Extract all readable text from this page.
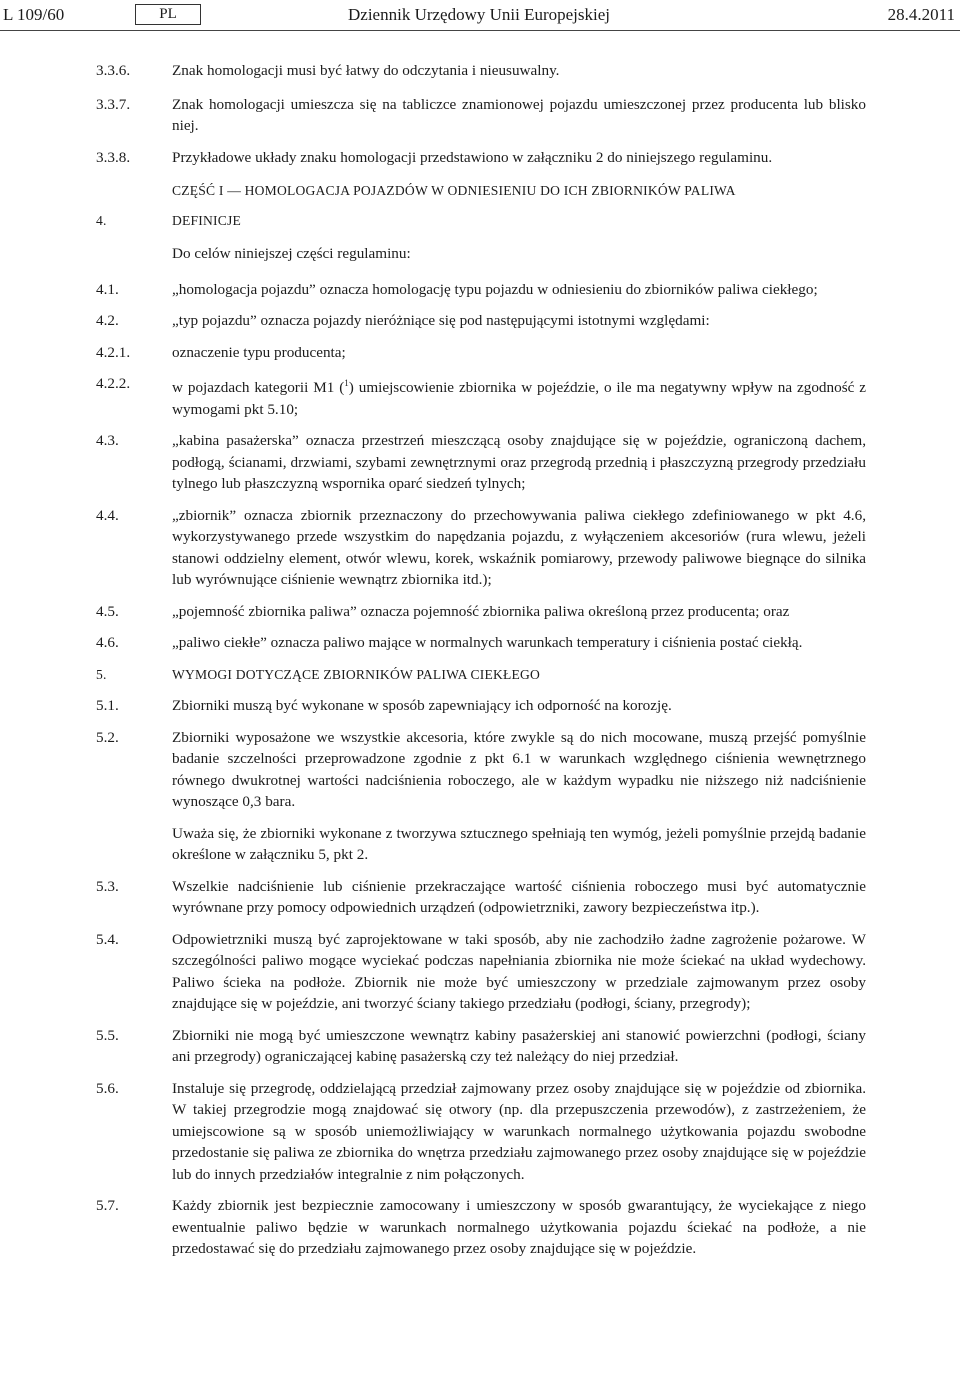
L 109/60	PL	Dziennik Urzędowy Unii Europejskiej	28.4.2011
3.3.6.	Znak homologacji musi być łatwy do odczytania i nieusuwalny.
3.3.7.	Znak homologacji umieszcza się na tabliczce znamionowej pojazdu umieszczonej przez producenta lub blisko niej.
3.3.8.	Przykładowe układy znaku homologacji przedstawiono w załączniku 2 do niniejszego regulaminu.
CZĘŚĆ I — HOMOLOGACJA POJAZDÓW W ODNIESIENIU DO ICH ZBIORNIKÓW PALIWA
4.	DEFINICJE
Do celów niniejszej części regulaminu:
4.1.	„homologacja pojazdu” oznacza homologację typu pojazdu w odniesieniu do zbiorników paliwa ciekłego;
4.2.	„typ pojazdu” oznacza pojazdy nieróżniące się pod następującymi istotnymi względami:
4.2.1.	oznaczenie typu producenta;
4.2.2.	w pojazdach kategorii M1 ($^1$) umiejscowienie zbiornika w pojeździe, o ile ma negatywny wpływ na zgodność z wymogami pkt 5.10;
4.3.	„kabina pasażerska” oznacza przestrzeń mieszczącą osoby znajdujące się w pojeździe, ograniczoną dachem, podłogą, ścianami, drzwiami, szybami zewnętrznymi oraz przegrodą przednią i płaszczyzną przegrody przedziału tylnego lub płaszczyzną wspornika oparć siedzeń tylnych;
4.4.	„zbiornik” oznacza zbiornik przeznaczony do przechowywania paliwa ciekłego zdefiniowanego w pkt 4.6, wykorzystywanego przede wszystkim do napędzania pojazdu, z wyłączeniem akcesoriów (rura wlewu, jeżeli stanowi oddzielny element, otwór wlewu, korek, wskaźnik pomiarowy, przewody paliwowe biegnące do silnika lub wyrównujące ciśnienie wewnątrz zbiornika itd.);
4.5.	„pojemność zbiornika paliwa” oznacza pojemność zbiornika paliwa określoną przez producenta; oraz
4.6.	„paliwo ciekłe” oznacza paliwo mające w normalnych warunkach temperatury i ciśnienia postać ciekłą.
5.	WYMOGI DOTYCZĄCE ZBIORNIKÓW PALIWA CIEKŁEGO
5.1.	Zbiorniki muszą być wykonane w sposób zapewniający ich odporność na korozję.
5.2.	Zbiorniki wyposażone we wszystkie akcesoria, które zwykle są do nich mocowane, muszą przejść pomyślnie badanie szczelności przeprowadzone zgodnie z pkt 6.1 w warunkach względnego ciśnienia wewnętrznego równego dwukrotnej wartości nadciśnienia roboczego, ale w każdym wypadku nie niższego niż nadciśnienie wynoszące 0,3 bara.
Uważa się, że zbiorniki wykonane z tworzywa sztucznego spełniają ten wymóg, jeżeli pomyślnie przejdą badanie określone w załączniku 5, pkt 2.
5.3.	Wszelkie nadciśnienie lub ciśnienie przekraczające wartość ciśnienia roboczego musi być automatycznie wyrównane przy pomocy odpowiednich urządzeń (odpowietrzniki, zawory bezpieczeństwa itp.).
5.4.	Odpowietrzniki muszą być zaprojektowane w taki sposób, aby nie zachodziło żadne zagrożenie pożarowe. W szczególności paliwo mogące wyciekać podczas napełniania zbiornika nie może ściekać na układ wydechowy. Paliwo ścieka na podłoże. Zbiornik nie może być umieszczony w przedziale zajmowanym przez osoby znajdujące się w pojeździe, ani tworzyć ściany takiego przedziału (podłogi, ściany, przegrody);
5.5.	Zbiorniki nie mogą być umieszczone wewnątrz kabiny pasażerskiej ani stanowić powierzchni (podłogi, ściany ani przegrody) ograniczającej kabinę pasażerską czy też należący do niej przedział.
5.6.	Instaluje się przegrodę, oddzielającą przedział zajmowany przez osoby znajdujące się w pojeździe od zbiornika. W takiej przegrodzie mogą znajdować się otwory (np. dla przepuszczenia przewodów), z zastrzeżeniem, że umiejscowione są w sposób uniemożliwiający w warunkach normalnego użytkowania pojazdu swobodne przedostanie się paliwa ze zbiornika do wnętrza przedziału zajmowanego przez osoby znajdujące się w pojeździe lub do innych przedziałów integralnie z nim połączonych.
5.7.	Każdy zbiornik jest bezpiecznie zamocowany i umieszczony w sposób gwarantujący, że wyciekające z niego ewentualnie paliwo będzie w warunkach normalnego użytkowania pojazdu ściekać na podłoże, a nie przedostawać się do przedziału zajmowanego przez osoby znajdujące się w pojeździe.
